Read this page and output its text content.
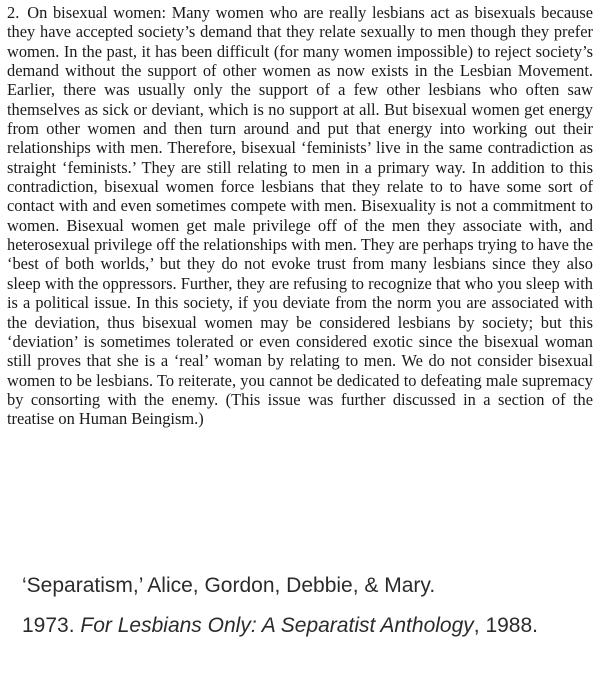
2. On bisexual women: Many women who are really lesbians act as bisexuals because they have accepted society’s demand that they relate sexually to men though they prefer women. In the past, it has been difficult (for many women impossible) to reject society’s demand without the support of other women as now exists in the Lesbian Movement. Earlier, there was usually only the support of a few other lesbians who often saw themselves as sick or deviant, which is no support at all. But bisexual women get energy from other women and then turn around and put that energy into working out their relationships with men. Therefore, bisexual ‘feminists’ live in the same contradiction as straight ‘feminists.’ They are still relating to men in a primary way. In addition to this contradiction, bisexual women force lesbians that they relate to to have some sort of contact with and even sometimes compete with men. Bisexuality is not a commitment to women. Bisexual women get male privilege off of the men they associate with, and heterosexual privilege off the relationships with men. They are perhaps trying to have the ‘best of both worlds,’ but they do not evoke trust from many lesbians since they also sleep with the oppressors. Further, they are refusing to recognize that who you sleep with is a political issue. In this society, if you deviate from the norm you are associated with the deviation, thus bisexual women may be considered lesbians by society; but this ‘deviation’ is sometimes tolerated or even considered exotic since the bisexual woman still proves that she is a ‘real’ woman by relating to men. We do not consider bisexual women to be lesbians. To reiterate, you cannot be dedicated to defeating male supremacy by consorting with the enemy. (This issue was further discussed in a section of the treatise on Human Beingism.)
‘Separatism,’ Alice, Gordon, Debbie, & Mary.
1973. For Lesbians Only: A Separatist Anthology, 1988.
